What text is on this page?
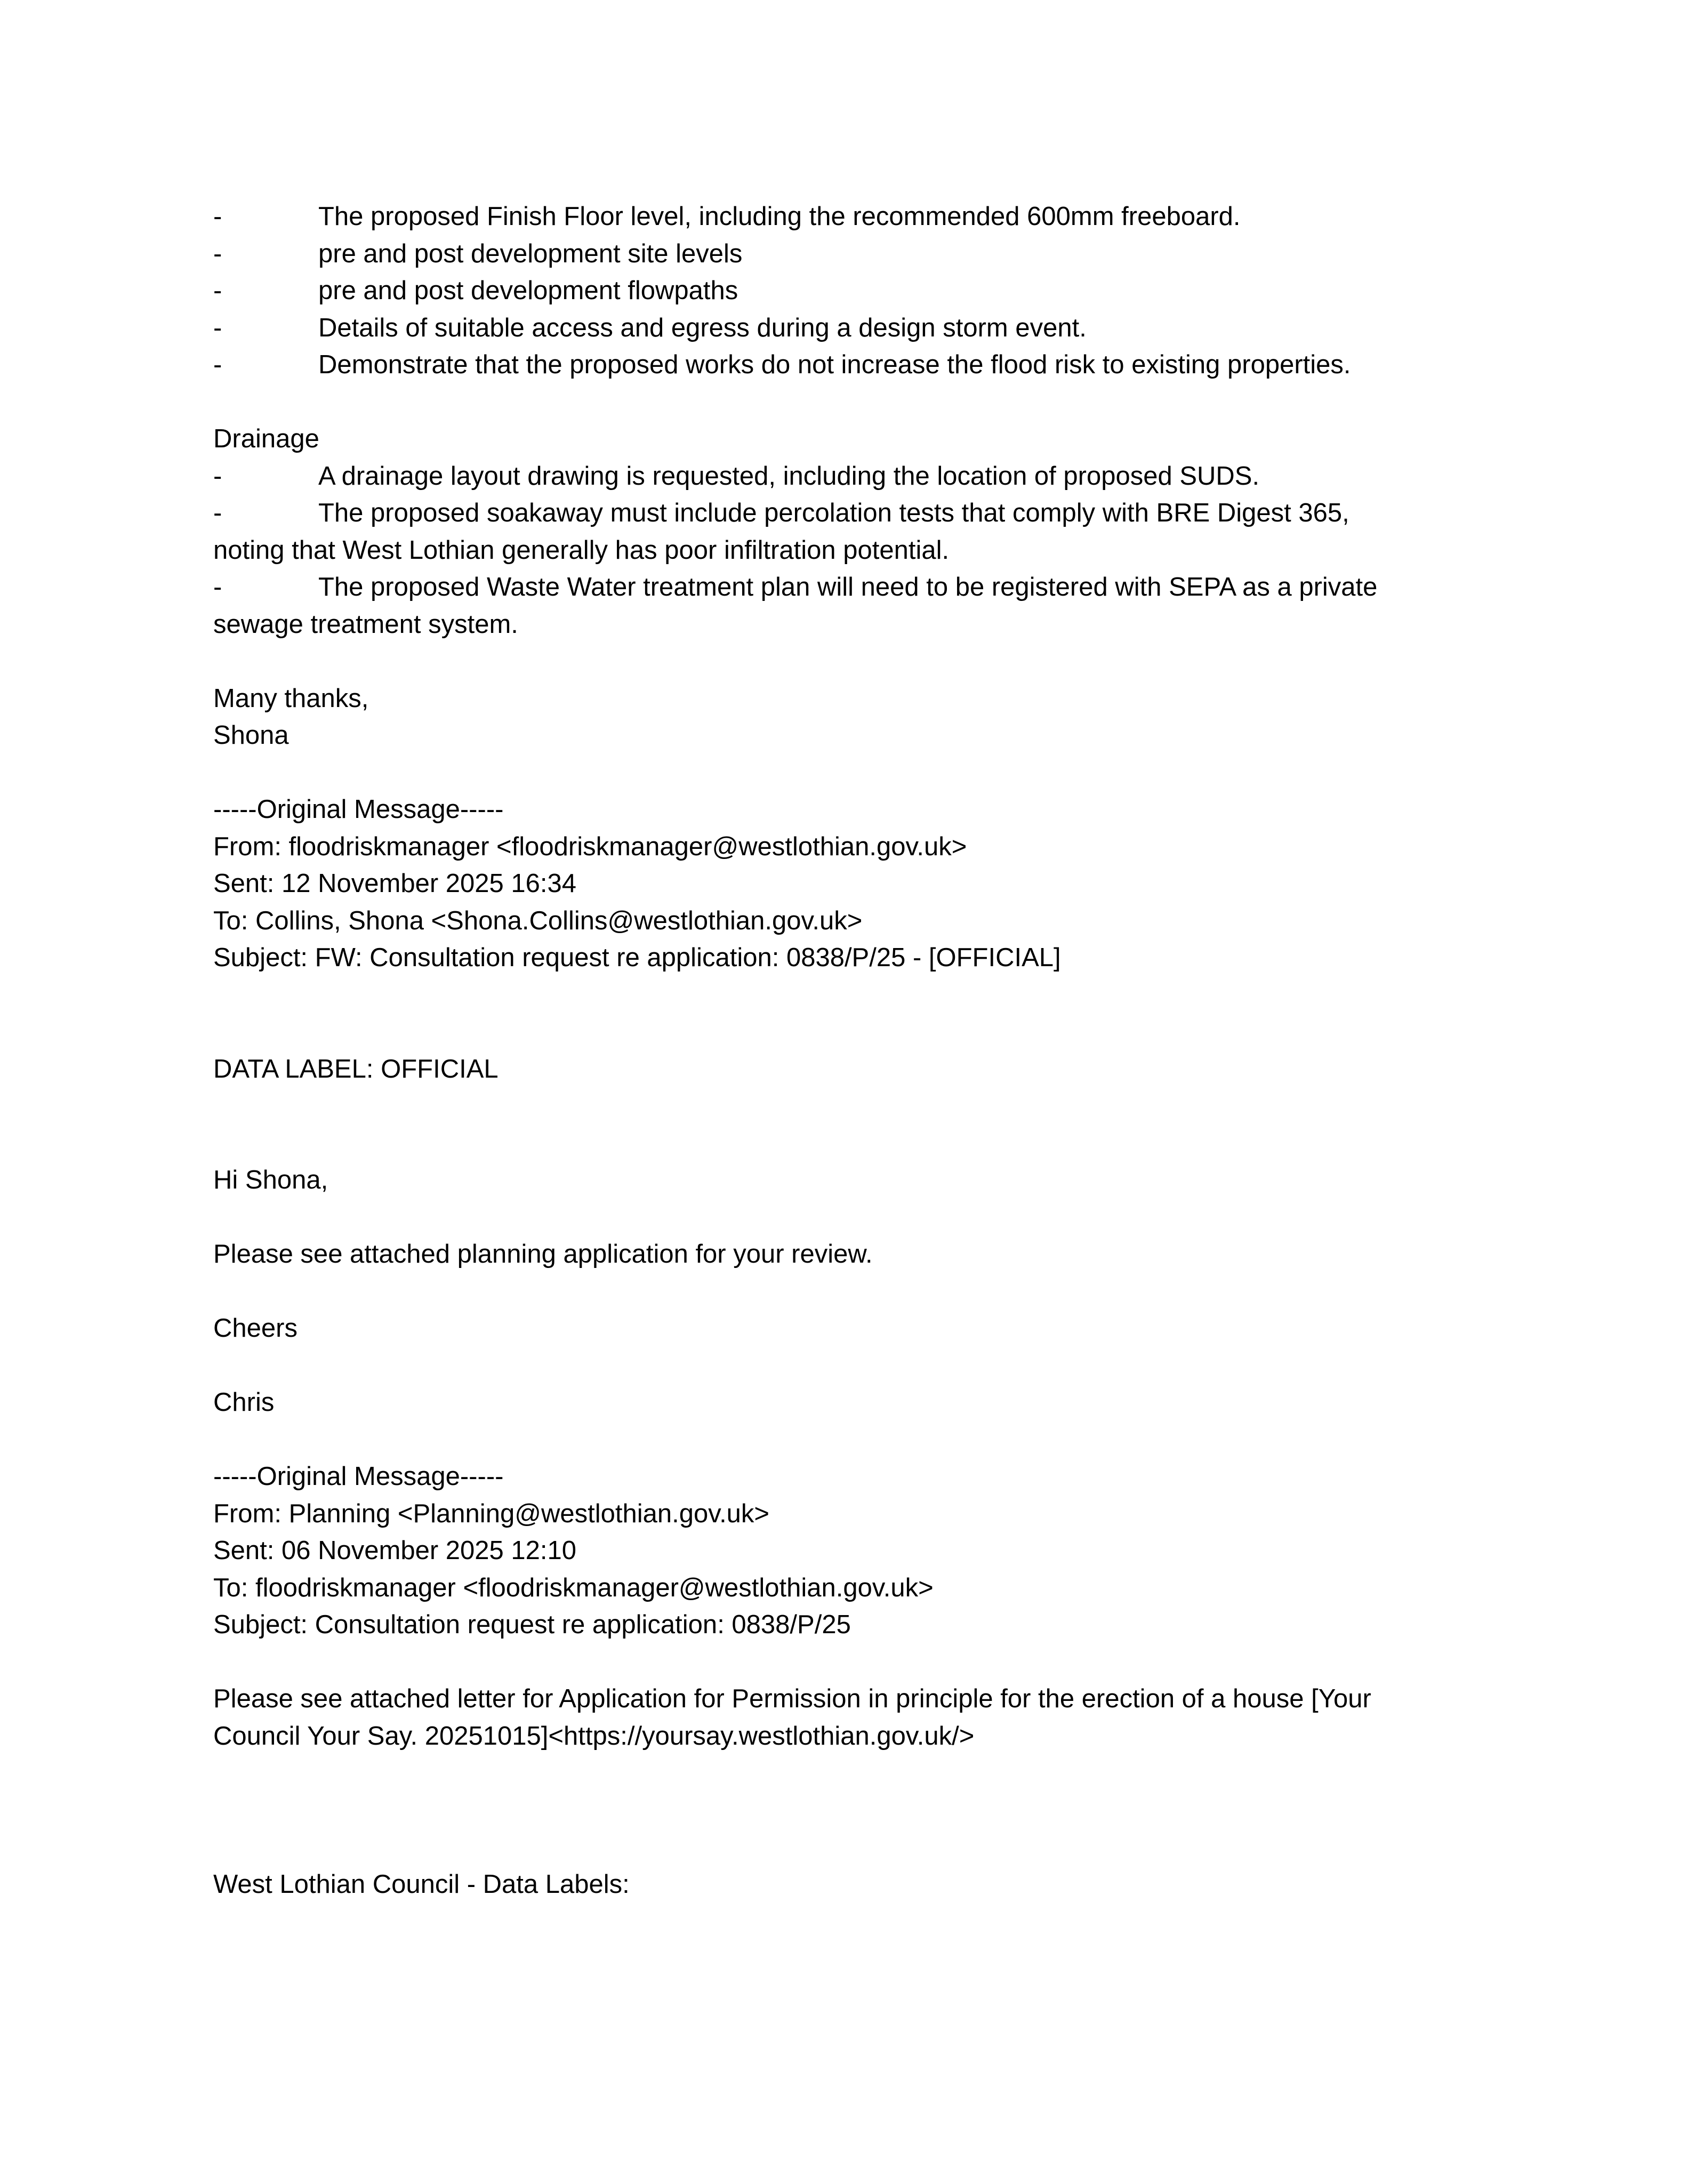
-	The proposed Finish Floor level, including the recommended 600mm freeboard.
-	pre and post development site levels
-	pre and post development flowpaths
-	Details of suitable access and egress during a design storm event.
-	Demonstrate that the proposed works do not increase the flood risk to existing properties.
Drainage
-	A drainage layout drawing is requested, including the location of proposed SUDS.
-	The proposed soakaway must include percolation tests that comply with BRE Digest 365,
noting that West Lothian generally has poor infiltration potential.
-	The proposed Waste Water treatment plan will need to be registered with SEPA as a private
sewage treatment system.
Many thanks,
Shona
-----Original Message-----
From: floodriskmanager <floodriskmanager@westlothian.gov.uk>
Sent: 12 November 2025 16:34
To: Collins, Shona <Shona.Collins@westlothian.gov.uk>
Subject: FW: Consultation request re application: 0838/P/25 - [OFFICIAL]
DATA LABEL: OFFICIAL
Hi Shona,
Please see attached planning application for your review.
Cheers
Chris
-----Original Message-----
From: Planning <Planning@westlothian.gov.uk>
Sent: 06 November 2025 12:10
To: floodriskmanager <floodriskmanager@westlothian.gov.uk>
Subject: Consultation request re application: 0838/P/25
Please see attached letter for Application for Permission in principle for the erection of a house [Your
Council Your Say. 20251015]<https://yoursay.westlothian.gov.uk/>
West Lothian Council - Data Labels:
